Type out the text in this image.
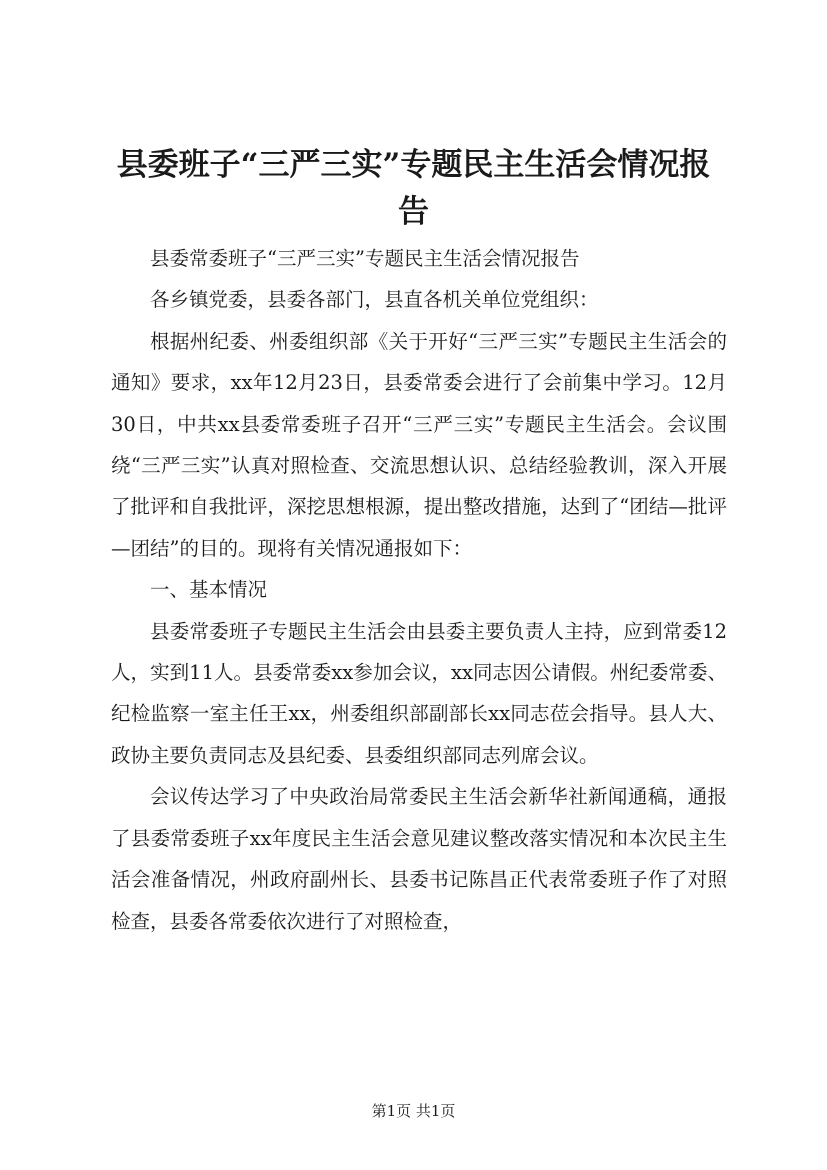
县委班子“三严三实”专题民主生活会情况报
告

县委常委班子“三严三实”专题民主生活会情况报告

各乡镇党委，县委各部门，县直各机关单位党组织：

根据州纪委、州委组织部《关于开好“三严三实”专题民主生活会的通知》要求，xx年12月23日，县委常委会进行了会前集中学习。12月30日，中共xx县委常委班子召开“三严三实”专题民主生活会。会议围绕“三严三实”认真对照检查、交流思想认识、总结经验教训，深入开展了批评和自我批评，深挖思想根源，提出整改措施，达到了“团结—批评—团结”的目的。现将有关情况通报如下：

一、基本情况

县委常委班子专题民主生活会由县委主要负责人主持，应到常委12人，实到11人。县委常委xx参加会议，xx同志因公请假。州纪委常委、纪检监察一室主任王xx，州委组织部副部长xx同志莅会指导。县人大、政协主要负责同志及县纪委、县委组织部同志列席会议。

会议传达学习了中央政治局常委民主生活会新华社新闻通稿，通报了县委常委班子xx年度民主生活会意见建议整改落实情况和本次民主生活会准备情况，州政府副州长、县委书记陈昌正代表常委班子作了对照检查，县委各常委依次进行了对照检查，

第1页 共1页
